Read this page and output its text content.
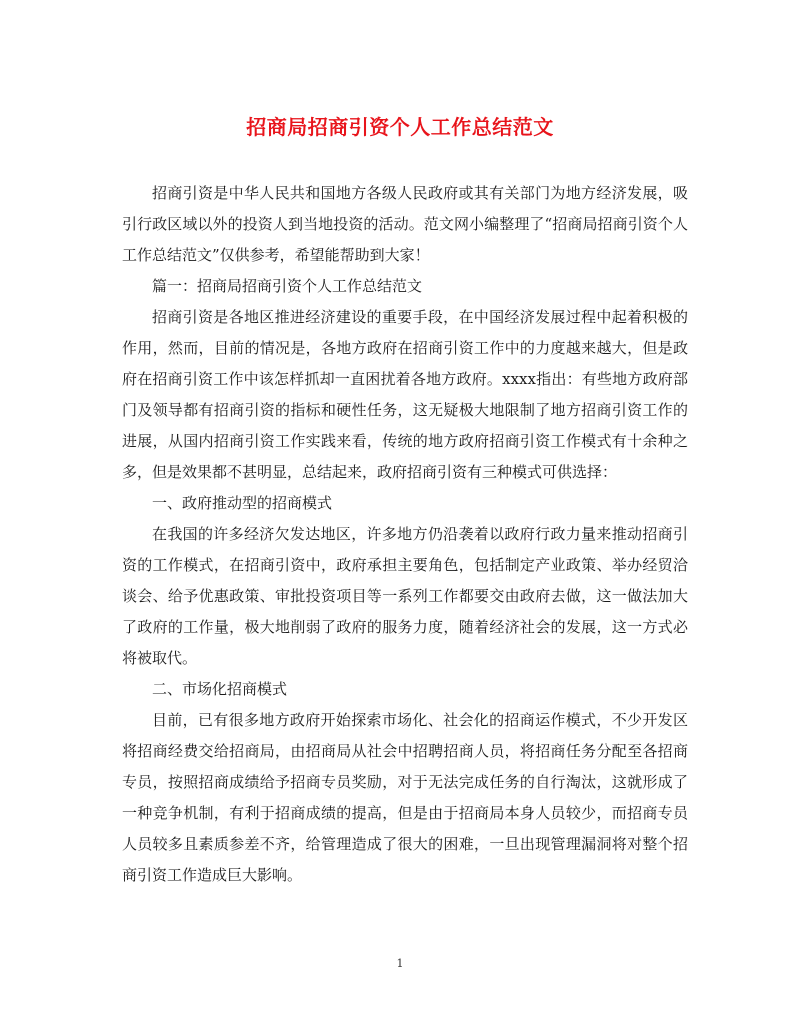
招商局招商引资个人工作总结范文

招商引资是中华人民共和国地方各级人民政府或其有关部门为地方经济发展，吸引行政区域以外的投资人到当地投资的活动。范文网小编整理了“招商局招商引资个人工作总结范文”仅供参考，希望能帮助到大家！

篇一：招商局招商引资个人工作总结范文

招商引资是各地区推进经济建设的重要手段，在中国经济发展过程中起着积极的作用，然而，目前的情况是，各地方政府在招商引资工作中的力度越来越大，但是政府在招商引资工作中该怎样抓却一直困扰着各地方政府。xxxx指出：有些地方政府部门及领导都有招商引资的指标和硬性任务，这无疑极大地限制了地方招商引资工作的进展，从国内招商引资工作实践来看，传统的地方政府招商引资工作模式有十余种之多，但是效果都不甚明显，总结起来，政府招商引资有三种模式可供选择：

一、政府推动型的招商模式

在我国的许多经济欠发达地区，许多地方仍沿袭着以政府行政力量来推动招商引资的工作模式，在招商引资中，政府承担主要角色，包括制定产业政策、举办经贸洽谈会、给予优惠政策、审批投资项目等一系列工作都要交由政府去做，这一做法加大了政府的工作量，极大地削弱了政府的服务力度，随着经济社会的发展，这一方式必将被取代。

二、市场化招商模式

目前，已有很多地方政府开始探索市场化、社会化的招商运作模式，不少开发区将招商经费交给招商局，由招商局从社会中招聘招商人员，将招商任务分配至各招商专员，按照招商成绩给予招商专员奖励，对于无法完成任务的自行淘汰，这就形成了一种竞争机制，有利于招商成绩的提高，但是由于招商局本身人员较少，而招商专员人员较多且素质参差不齐，给管理造成了很大的困难，一旦出现管理漏洞将对整个招商引资工作造成巨大影响。

1
